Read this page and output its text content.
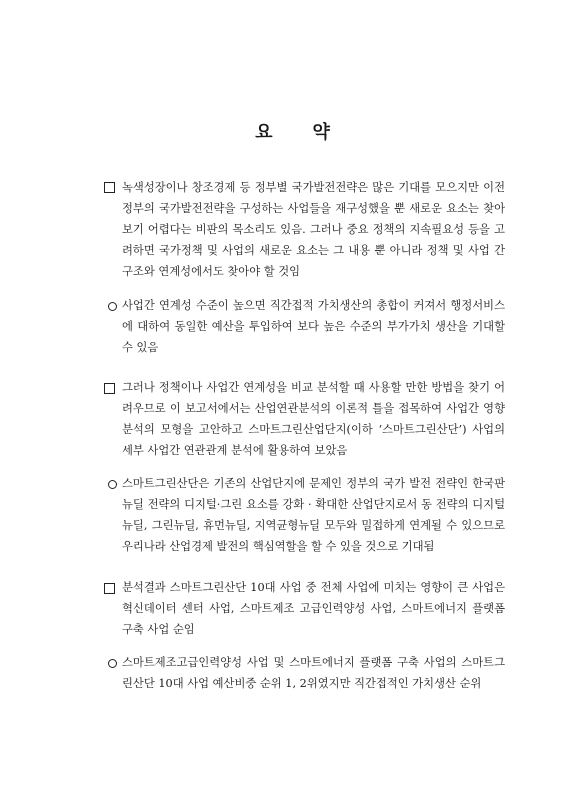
요 약
녹색성장이나 창조경제 등 정부별 국가발전전략은 많은 기대를 모으지만 이전 정부의 국가발전전략을 구성하는 사업들을 재구성했을 뿐 새로운 요소는 찾아보기 어렵다는 비판의 목소리도 있음. 그러나 중요 정책의 지속필요성 등을 고려하면 국가정책 및 사업의 새로운 요소는 그 내용 뿐 아니라 정책 및 사업 간 구조와 연계성에서도 찾아야 할 것임
사업간 연계성 수준이 높으면 직간접적 가치생산의 총합이 커져서 행정서비스에 대하여 동일한 예산을 투입하여 보다 높은 수준의 부가가치 생산을 기대할 수 있음
그러나 정책이나 사업간 연계성을 비교 분석할 때 사용할 만한 방법을 찾기 어려우므로 이 보고서에서는 산업연관분석의 이론적 틀을 접목하여 사업간 영향 분석의 모형을 고안하고 스마트그린산업단지(이하 ‘스마트그린산단’) 사업의 세부 사업간 연관관계 분석에 활용하여 보았음
스마트그린산단은 기존의 산업단지에 문제인 정부의 국가 발전 전략인 한국판 뉴딜 전략의 디지털·그린 요소를 강화 · 확대한 산업단지로서 동 전략의 디지털뉴딜, 그린뉴딜, 휴먼뉴딜, 지역균형뉴딜 모두와 밀접하게 연계될 수 있으므로 우리나라 산업경제 발전의 핵심역할을 할 수 있을 것으로 기대됨
분석결과 스마트그린산단 10대 사업 중 전체 사업에 미치는 영향이 큰 사업은 혁신데이터 센터 사업, 스마트제조 고급인력양성 사업, 스마트에너지 플랫폼 구축 사업 순임
스마트제조고급인력양성 사업 및 스마트에너지 플랫폼 구축 사업의 스마트그린산단 10대 사업 예산비중 순위 1, 2위였지만 직간접적인 가치생산 순위
